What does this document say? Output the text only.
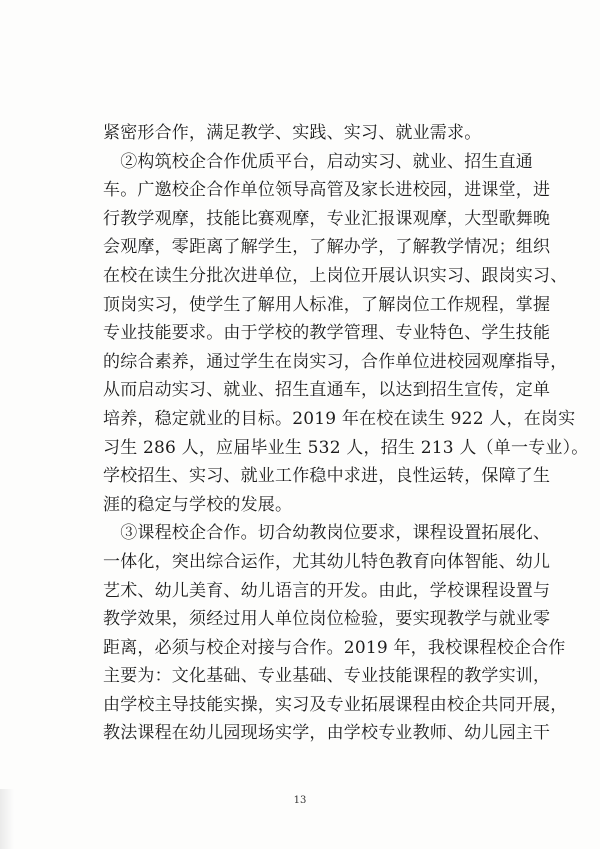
紧密形合作，满足教学、实践、实习、就业需求。
　②构筑校企合作优质平台，启动实习、就业、招生直通
车。广邀校企合作单位领导高管及家长进校园，进课堂，进
行教学观摩，技能比赛观摩，专业汇报课观摩，大型歌舞晚
会观摩，零距离了解学生，了解办学，了解教学情况；组织
在校在读生分批次进单位，上岗位开展认识实习、跟岗实习、
顶岗实习，使学生了解用人标准，了解岗位工作规程，掌握
专业技能要求。由于学校的教学管理、专业特色、学生技能
的综合素养，通过学生在岗实习，合作单位进校园观摩指导，
从而启动实习、就业、招生直通车，以达到招生宣传，定单
培养，稳定就业的目标。2019 年在校在读生 922 人，在岗实
习生 286 人，应届毕业生 532 人，招生 213 人（单一专业）。
学校招生、实习、就业工作稳中求进，良性运转，保障了生
涯的稳定与学校的发展。
　③课程校企合作。切合幼教岗位要求，课程设置拓展化、
一体化，突出综合运作，尤其幼儿特色教育向体智能、幼儿
艺术、幼儿美育、幼儿语言的开发。由此，学校课程设置与
教学效果，须经过用人单位岗位检验，要实现教学与就业零
距离，必须与校企对接与合作。2019 年，我校课程校企合作
主要为：文化基础、专业基础、专业技能课程的教学实训，
由学校主导技能实操，实习及专业拓展课程由校企共同开展，
教法课程在幼儿园现场实学，由学校专业教师、幼儿园主干
13
